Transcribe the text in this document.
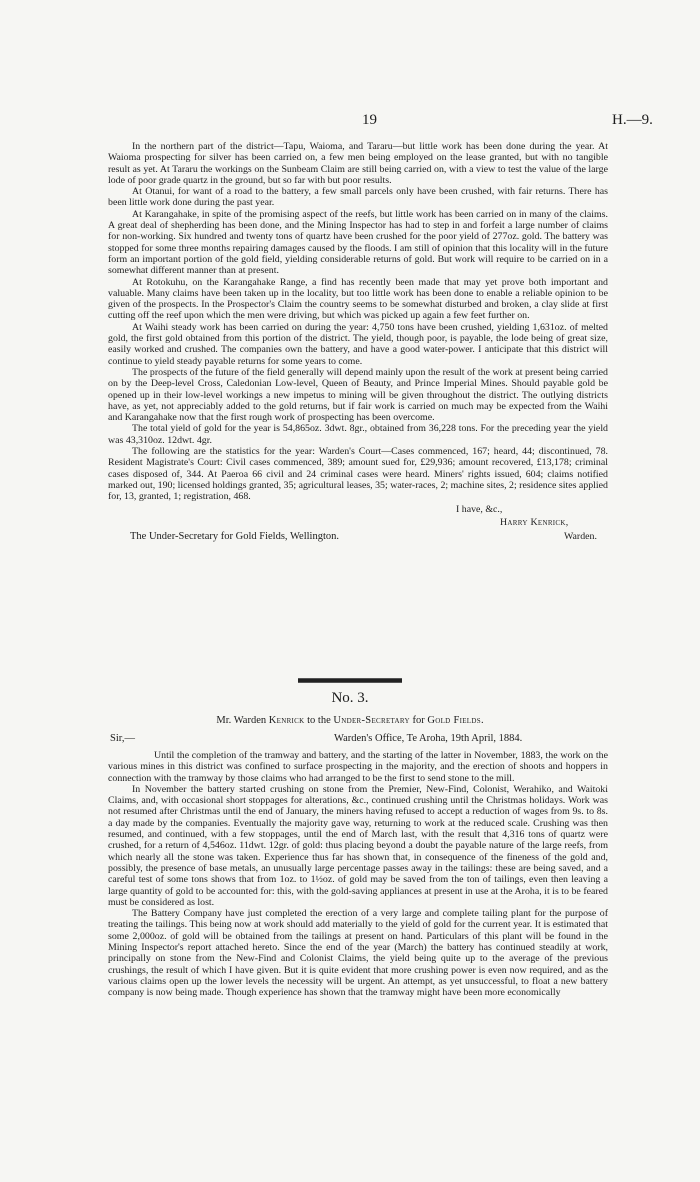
19	H.—9.

In the northern part of the district—Tapu, Waioma, and Tararu—but little work has been done during the year. At Waioma prospecting for silver has been carried on, a few men being employed on the lease granted, but with no tangible result as yet. At Tararu the workings on the Sunbeam Claim are still being carried on, with a view to test the value of the large lode of poor grade quartz in the ground, but so far with but poor results.

At Otanui, for want of a road to the battery, a few small parcels only have been crushed, with fair returns. There has been little work done during the past year.

At Karangahake, in spite of the promising aspect of the reefs, but little work has been carried on in many of the claims. A great deal of shepherding has been done, and the Mining Inspector has had to step in and forfeit a large number of claims for non-working. Six hundred and twenty tons of quartz have been crushed for the poor yield of 277oz. gold. The battery was stopped for some three months repairing damages caused by the floods. I am still of opinion that this locality will in the future form an important portion of the gold field, yielding considerable returns of gold. But work will require to be carried on in a somewhat different manner than at present.

At Rotokuhu, on the Karangahake Range, a find has recently been made that may yet prove both important and valuable. Many claims have been taken up in the locality, but too little work has been done to enable a reliable opinion to be given of the prospects. In the Prospector's Claim the country seems to be somewhat disturbed and broken, a clay slide at first cutting off the reef upon which the men were driving, but which was picked up again a few feet further on.

At Waihi steady work has been carried on during the year: 4,750 tons have been crushed, yielding 1,631oz. of melted gold, the first gold obtained from this portion of the district. The yield, though poor, is payable, the lode being of great size, easily worked and crushed. The companies own the battery, and have a good water-power. I anticipate that this district will continue to yield steady payable returns for some years to come.

The prospects of the future of the field generally will depend mainly upon the result of the work at present being carried on by the Deep-level Cross, Caledonian Low-level, Queen of Beauty, and Prince Imperial Mines. Should payable gold be opened up in their low-level workings a new impetus to mining will be given throughout the district. The outlying districts have, as yet, not appreciably added to the gold returns, but if fair work is carried on much may be expected from the Waihi and Karangahake now that the first rough work of prospecting has been overcome.

The total yield of gold for the year is 54,865oz. 3dwt. 8gr., obtained from 36,228 tons. For the preceding year the yield was 43,310oz. 12dwt. 4gr.

The following are the statistics for the year: Warden's Court—Cases commenced, 167; heard, 44; discontinued, 78. Resident Magistrate's Court: Civil cases commenced, 389; amount sued for, £29,936; amount recovered, £13,178; criminal cases disposed of, 344. At Paeroa 66 civil and 24 criminal cases were heard. Miners' rights issued, 604; claims notified marked out, 190; licensed holdings granted, 35; agricultural leases, 35; water-races, 2; machine sites, 2; residence sites applied for, 13, granted, 1; registration, 468.

I have, &c.,
Harry Kenrick,
Warden.
The Under-Secretary for Gold Fields, Wellington.
No. 3.
Mr. Warden Kenrick to the Under-Secretary for Gold Fields.
Sir,—	Warden's Office, Te Aroha, 19th April, 1884.

Until the completion of the tramway and battery, and the starting of the latter in November, 1883, the work on the various mines in this district was confined to surface prospecting in the majority, and the erection of shoots and hoppers in connection with the tramway by those claims who had arranged to be the first to send stone to the mill.

In November the battery started crushing on stone from the Premier, New-Find, Colonist, Werahiko, and Waitoki Claims, and, with occasional short stoppages for alterations, &c., continued crushing until the Christmas holidays. Work was not resumed after Christmas until the end of January, the miners having refused to accept a reduction of wages from 9s. to 8s. a day made by the companies. Eventually the majority gave way, returning to work at the reduced scale. Crushing was then resumed, and continued, with a few stoppages, until the end of March last, with the result that 4,316 tons of quartz were crushed, for a return of 4,546oz. 11dwt. 12gr. of gold: thus placing beyond a doubt the payable nature of the large reefs, from which nearly all the stone was taken. Experience thus far has shown that, in consequence of the fineness of the gold and, possibly, the presence of base metals, an unusually large percentage passes away in the tailings: these are being saved, and a careful test of some tons shows that from 1oz. to 1½oz. of gold may be saved from the ton of tailings, even then leaving a large quantity of gold to be accounted for: this, with the gold-saving appliances at present in use at the Aroha, it is to be feared must be considered as lost.

The Battery Company have just completed the erection of a very large and complete tailing plant for the purpose of treating the tailings. This being now at work should add materially to the yield of gold for the current year. It is estimated that some 2,000oz. of gold will be obtained from the tailings at present on hand. Particulars of this plant will be found in the Mining Inspector's report attached hereto. Since the end of the year (March) the battery has continued steadily at work, principally on stone from the New-Find and Colonist Claims, the yield being quite up to the average of the previous crushings, the result of which I have given. But it is quite evident that more crushing power is even now required, and as the various claims open up the lower levels the necessity will be urgent. An attempt, as yet unsuccessful, to float a new battery company is now being made. Though experience has shown that the tramway might have been more economically
